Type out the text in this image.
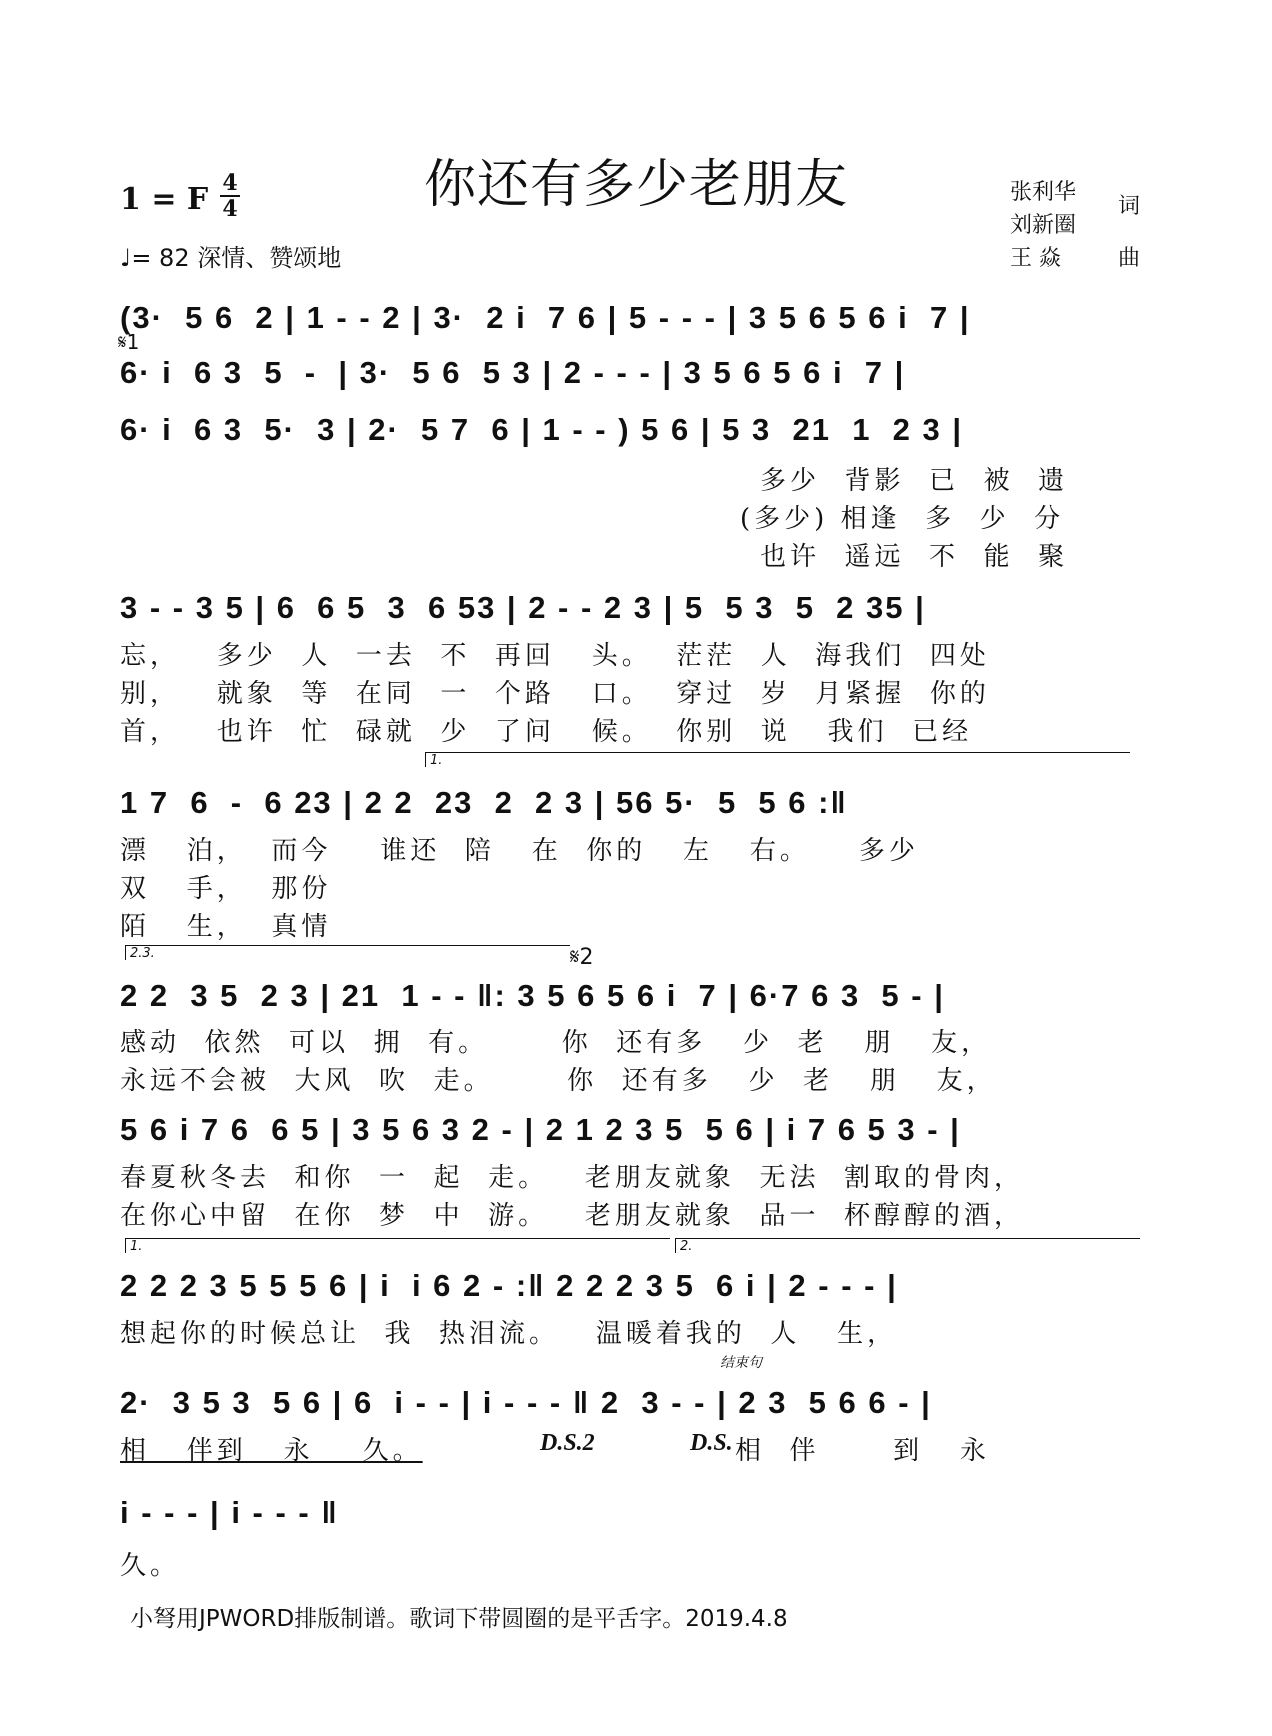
你还有多少老朋友
1 = F 4
4
♩= 82 深情、赞颂地
张利华
刘新圈
王 焱
词
曲
(3·  5 6  2 | 1 - - 2 | 3·  2 i  7 6 | 5 - - - | 3 5 6 5 6 i  7 |
𝄋1
6· i  6 3  5  -  | 3·  5 6  5 3 | 2 - - - | 3 5 6 5 6 i  7 |
6· i  6 3  5·  3 | 2·  5 7  6 | 1 - - ) 5 6 | 5 3  21  1  2 3 |
多少  背影  已  被  遗
(多少) 相逢  多  少  分
也许  遥远  不  能  聚
3 - - 3 5 | 6  6 5  3  6 53 | 2 - - 2 3 | 5  5 3  5  2 35 |
忘，   多少  人  一去  不  再回   头。  茫茫  人  海我们  四处
别，   就象  等  在同  一  个路   口。  穿过  岁  月紧握  你的
首，   也许  忙  碌就  少  了问   候。  你别  说   我们  已经
1.
1 7  6  -  6 23 | 2 2  23  2  2 3 | 56 5·  5  5 6 :‖
漂   泊，  而今    谁还  陪   在  你的   左   右。    多少
双   手，  那份
陌   生，  真情
2.3.	𝄋2
2 2  3 5  2 3 | 21  1 - - ‖: 3 5 6 5 6 i  7 | 6·7 6 3  5 - |
感动  依然  可以  拥  有。      你  还有多   少  老   朋   友，
永远不会被  大风  吹  走。      你  还有多   少  老   朋   友，
5 6 i 7 6  6 5 | 3 5 6 3 2 - | 2 1 2 3 5  5 6 | i 7 6 5 3 - |
春夏秋冬去  和你  一  起  走。   老朋友就象  无法  割取的骨肉，
在你心中留  在你  梦  中  游。   老朋友就象  品一  杯醇醇的酒，
1.	2.
2 2 2 3 5 5 5 6 | i  i 6 2 - :‖ 2 2 2 3 5  6 i | 2 - - - |
想起你的时候总让  我  热泪流。   温暖着我的  人   生，
结束句
2·  3 5 3  5 6 | 6  i - - | i - - - ‖ 2  3 - - | 2 3  5 6 6 - |
相   伴到   永    久。	D.S.2	D.S. 相  伴      到   永
i - - - | i - - - ‖
久。
小弩用JPWORD排版制谱。歌词下带圆圈的是平舌字。2019.4.8
